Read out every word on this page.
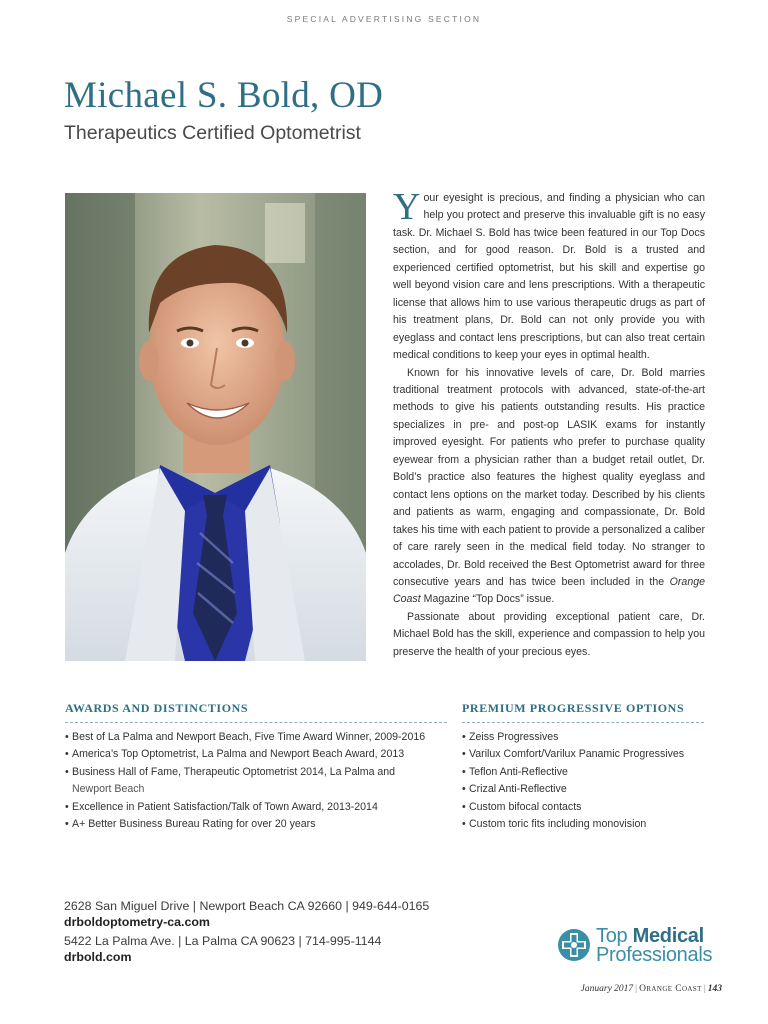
SPECIAL ADVERTISING SECTION
Michael S. Bold, OD
Therapeutics Certified Optometrist

Your eyesight is precious, and finding a physician who can help you protect and preserve this invaluable gift is no easy task. Dr. Michael S. Bold has twice been featured in our Top Docs section, and for good reason. Dr. Bold is a trusted and experienced certified optometrist, but his skill and expertise go well beyond vision care and lens prescriptions. With a therapeutic license that allows him to use various therapeutic drugs as part of his treatment plans, Dr. Bold can not only provide you with eyeglass and contact lens prescriptions, but can also treat certain medical conditions to keep your eyes in optimal health.

Known for his innovative levels of care, Dr. Bold marries traditional treatment protocols with advanced, state-of-the-art methods to give his patients outstanding results. His practice specializes in pre- and post-op LASIK exams for instantly improved eyesight. For patients who prefer to purchase quality eyewear from a physician rather than a budget retail outlet, Dr. Bold’s practice also features the highest quality eyeglass and contact lens options on the market today. Described by his clients and patients as warm, engaging and compassionate, Dr. Bold takes his time with each patient to provide a personalized a caliber of care rarely seen in the medical field today. No stranger to accolades, Dr. Bold received the Best Optometrist award for three consecutive years and has twice been included in the Orange Coast Magazine “Top Docs” issue.

Passionate about providing exceptional patient care, Dr. Michael Bold has the skill, experience and compassion to help you preserve the health of your precious eyes.

AWARDS AND DISTINCTIONS
• Best of La Palma and Newport Beach, Five Time Award Winner, 2009-2016
• America’s Top Optometrist, La Palma and Newport Beach Award, 2013
• Business Hall of Fame, Therapeutic Optometrist 2014, La Palma and
Newport Beach
• Excellence in Patient Satisfaction/Talk of Town Award, 2013-2014
• A+ Better Business Bureau Rating for over 20 years
PREMIUM PROGRESSIVE OPTIONS
• Zeiss Progressives
• Varilux Comfort/Varilux Panamic Progressives
• Teflon Anti-Reflective
• Crizal Anti-Reflective
• Custom bifocal contacts
• Custom toric fits including monovision
2628 San Miguel Drive | Newport Beach CA 92660 | 949-644-0165
drboldoptometry-ca.com
5422 La Palma Ave. | La Palma CA 90623 | 714-995-1144
drbold.com
Top Medical
Professionals
January 2017 | Orange Coast | 143
